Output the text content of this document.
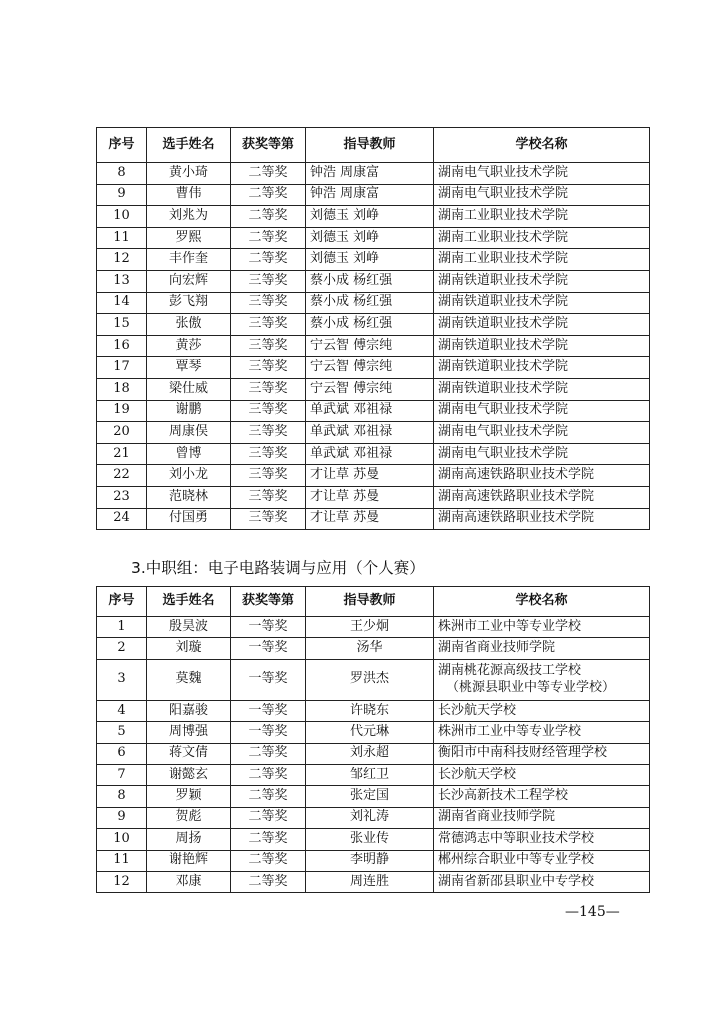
序号	选手姓名	获奖等第	指导教师	学校名称
8	黄小琦	二等奖	钟浩 周康富	湖南电气职业技术学院
9	曹伟	二等奖	钟浩 周康富	湖南电气职业技术学院
10	刘兆为	二等奖	刘德玉 刘峥	湖南工业职业技术学院
11	罗熙	二等奖	刘德玉 刘峥	湖南工业职业技术学院
12	丰作奎	二等奖	刘德玉 刘峥	湖南工业职业技术学院
13	向宏辉	三等奖	蔡小成 杨红强	湖南铁道职业技术学院
14	彭飞翔	三等奖	蔡小成 杨红强	湖南铁道职业技术学院
15	张傲	三等奖	蔡小成 杨红强	湖南铁道职业技术学院
16	黄莎	三等奖	宁云智 傅宗纯	湖南铁道职业技术学院
17	覃琴	三等奖	宁云智 傅宗纯	湖南铁道职业技术学院
18	梁仕威	三等奖	宁云智 傅宗纯	湖南铁道职业技术学院
19	谢鹏	三等奖	单武斌 邓祖禄	湖南电气职业技术学院
20	周康俣	三等奖	单武斌 邓祖禄	湖南电气职业技术学院
21	曾博	三等奖	单武斌 邓祖禄	湖南电气职业技术学院
22	刘小龙	三等奖	才让草 苏曼	湖南高速铁路职业技术学院
23	范晓林	三等奖	才让草 苏曼	湖南高速铁路职业技术学院
24	付国勇	三等奖	才让草 苏曼	湖南高速铁路职业技术学院
3.中职组：电子电路装调与应用（个人赛）
序号	选手姓名	获奖等第	指导教师	学校名称
1	殷昊波	一等奖	王少炯	株洲市工业中等专业学校
2	刘璇	一等奖	汤华	湖南省商业技师学院
3	莫魏	一等奖	罗洪杰	湖南桃花源高级技工学校
（桃源县职业中等专业学校）

4	阳嘉骏	一等奖	许晓东	长沙航天学校
5	周博强	一等奖	代元琳	株洲市工业中等专业学校
6	蒋文倩	二等奖	刘永超	衡阳市中南科技财经管理学校
7	谢懿玄	二等奖	邹红卫	长沙航天学校
8	罗颖	二等奖	张定国	长沙高新技术工程学校
9	贺彪	二等奖	刘礼涛	湖南省商业技师学院
10	周扬	二等奖	张业传	常德鸿志中等职业技术学校
11	谢艳辉	二等奖	李明静	郴州综合职业中等专业学校
12	邓康	二等奖	周连胜	湖南省新邵县职业中专学校
—145—
